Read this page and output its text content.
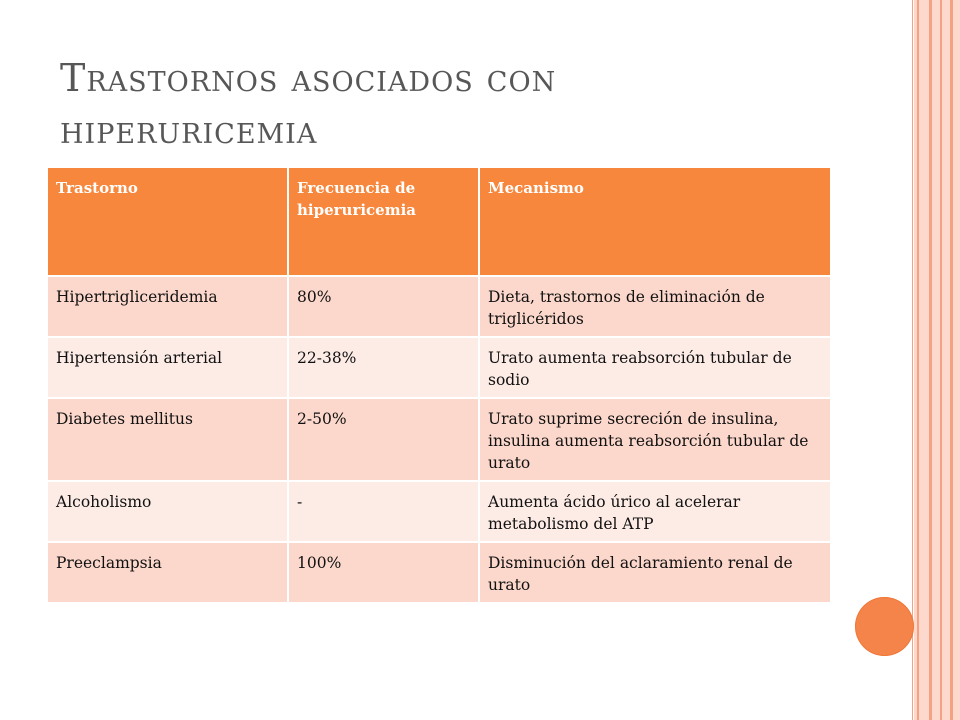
Trastornos asociados con
hiperuricemia
Trastorno	Frecuencia de hiperuricemia	Mecanismo
Hipertrigliceridemia	80%	Dieta, trastornos de eliminación de triglicéridos
Hipertensión arterial	22-38%	Urato aumenta reabsorción tubular de sodio
Diabetes mellitus	2-50%	Urato suprime secreción de insulina, insulina aumenta reabsorción tubular de urato
Alcoholismo	-	Aumenta ácido úrico al acelerar metabolismo del ATP
Preeclampsia	100%	Disminución del aclaramiento renal de urato
